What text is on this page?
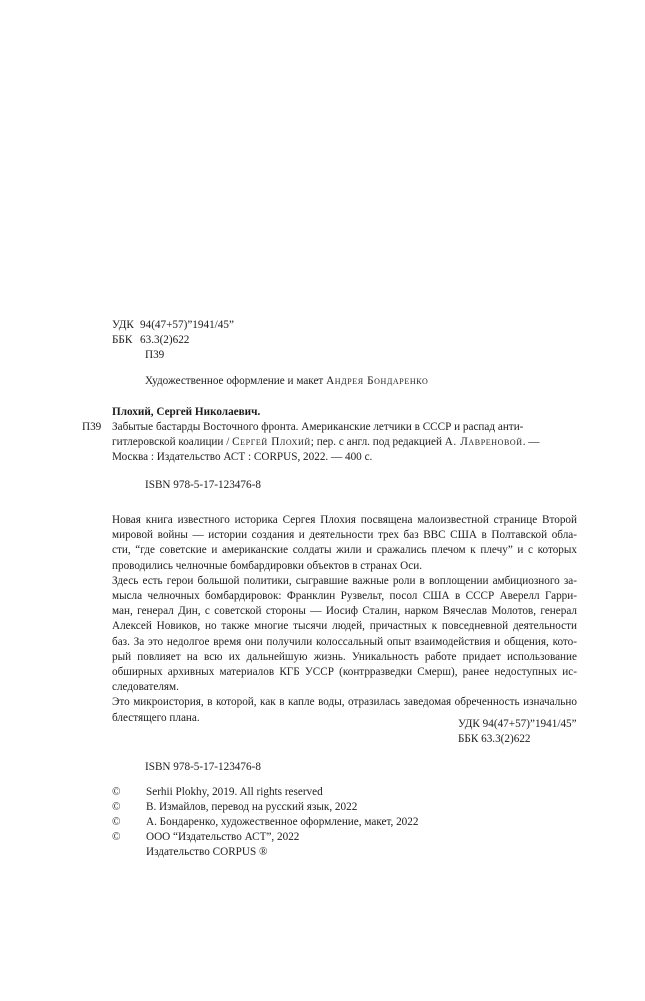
УДК 94(47+57)”1941/45”
ББК 63.3(2)622
П39
Художественное оформление и макет Андрея Бондаренко
Плохий, Сергей Николаевич.
П39 Забытые бастарды Восточного фронта. Американские летчики в СССР и распад анти-
гитлеровской коалиции / Сергей Плохий; пер. с англ. под редакцией А. Лавреновой. —
Москва : Издательство АСТ : CORPUS, 2022. — 400 с.
ISBN 978-5-17-123476-8
Новая книга известного историка Сергея Плохия посвящена малоизвестной странице Второй
мировой войны — истории создания и деятельности трех баз ВВС США в Полтавской обла-
сти, “где советские и американские солдаты жили и сражались плечом к плечу” и с которых
проводились челночные бомбардировки объектов в странах Оси.
Здесь есть герои большой политики, сыгравшие важные роли в воплощении амбициозного за-
мысла челночных бомбардировок: Франклин Рузвельт, посол США в СССР Аверелл Гарри-
ман, генерал Дин, с советской стороны — Иосиф Сталин, нарком Вячеслав Молотов, генерал
Алексей Новиков, но также многие тысячи людей, причастных к повседневной деятельности
баз. За это недолгое время они получили колоссальный опыт взаимодействия и общения, кото-
рый повлияет на всю их дальнейшую жизнь. Уникальность работе придает использование
обширных архивных материалов КГБ УССР (контрразведки Смерш), ранее недоступных ис-
следователям.
Это микроистория, в которой, как в капле воды, отразилась заведомая обреченность изначально
блестящего плана.
УДК 94(47+57)”1941/45”
ББК 63.3(2)622
ISBN 978-5-17-123476-8
© Serhii Plokhy, 2019. All rights reserved
© В. Измайлов, перевод на русский язык, 2022
© А. Бондаренко, художественное оформление, макет, 2022
© ООО “Издательство АСТ”, 2022
Издательство CORPUS ®
